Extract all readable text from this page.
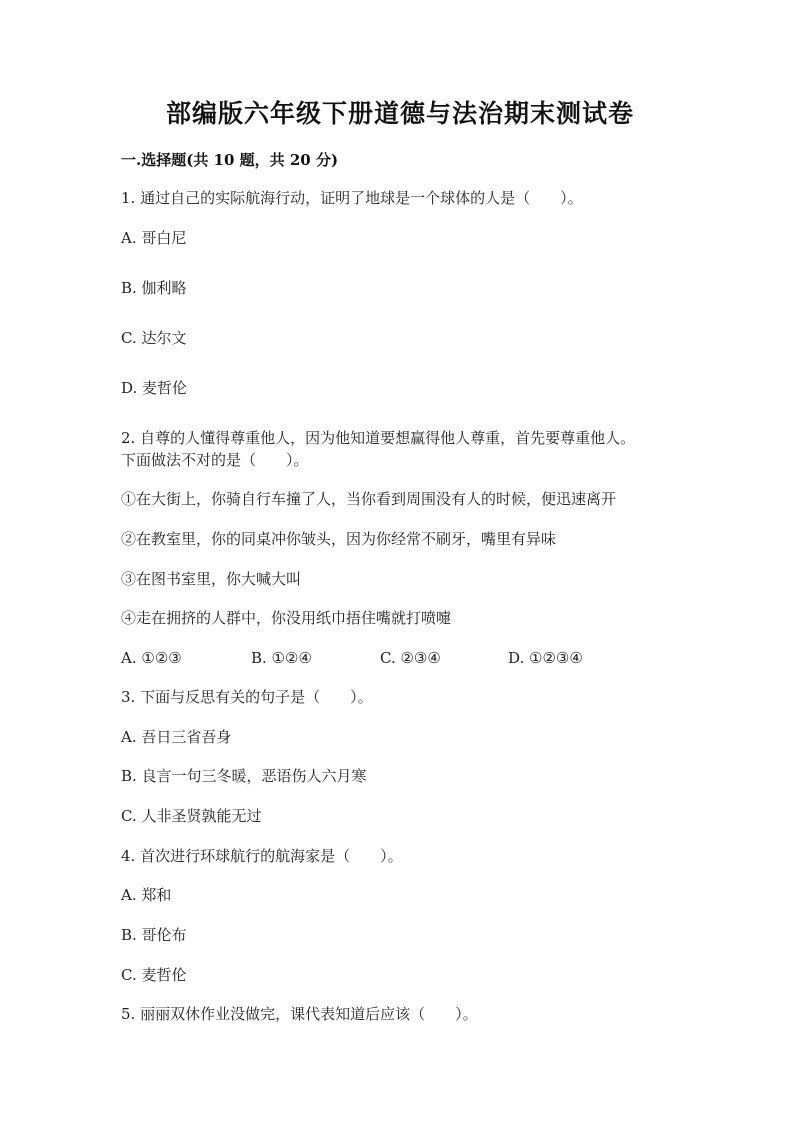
部编版六年级下册道德与法治期末测试卷
一.选择题(共 10 题，共 20 分)
1. 通过自己的实际航海行动，证明了地球是一个球体的人是（　　）。
A. 哥白尼
B. 伽利略
C. 达尔文
D. 麦哲伦
2. 自尊的人懂得尊重他人，因为他知道要想赢得他人尊重，首先要尊重他人。
下面做法不对的是（　　）。
①在大街上，你骑自行车撞了人，当你看到周围没有人的时候，便迅速离开
②在教室里，你的同桌冲你皱头，因为你经常不刷牙，嘴里有异味
③在图书室里，你大喊大叫
④走在拥挤的人群中，你没用纸巾捂住嘴就打喷嚏
A. ①②③	B. ①②④	C. ②③④	D. ①②③④
3. 下面与反思有关的句子是（　　）。
A. 吾日三省吾身
B. 良言一句三冬暖，恶语伤人六月寒
C. 人非圣贤孰能无过
4. 首次进行环球航行的航海家是（　　）。
A. 郑和
B. 哥伦布
C. 麦哲伦
5. 丽丽双休作业没做完，课代表知道后应该（　　）。
